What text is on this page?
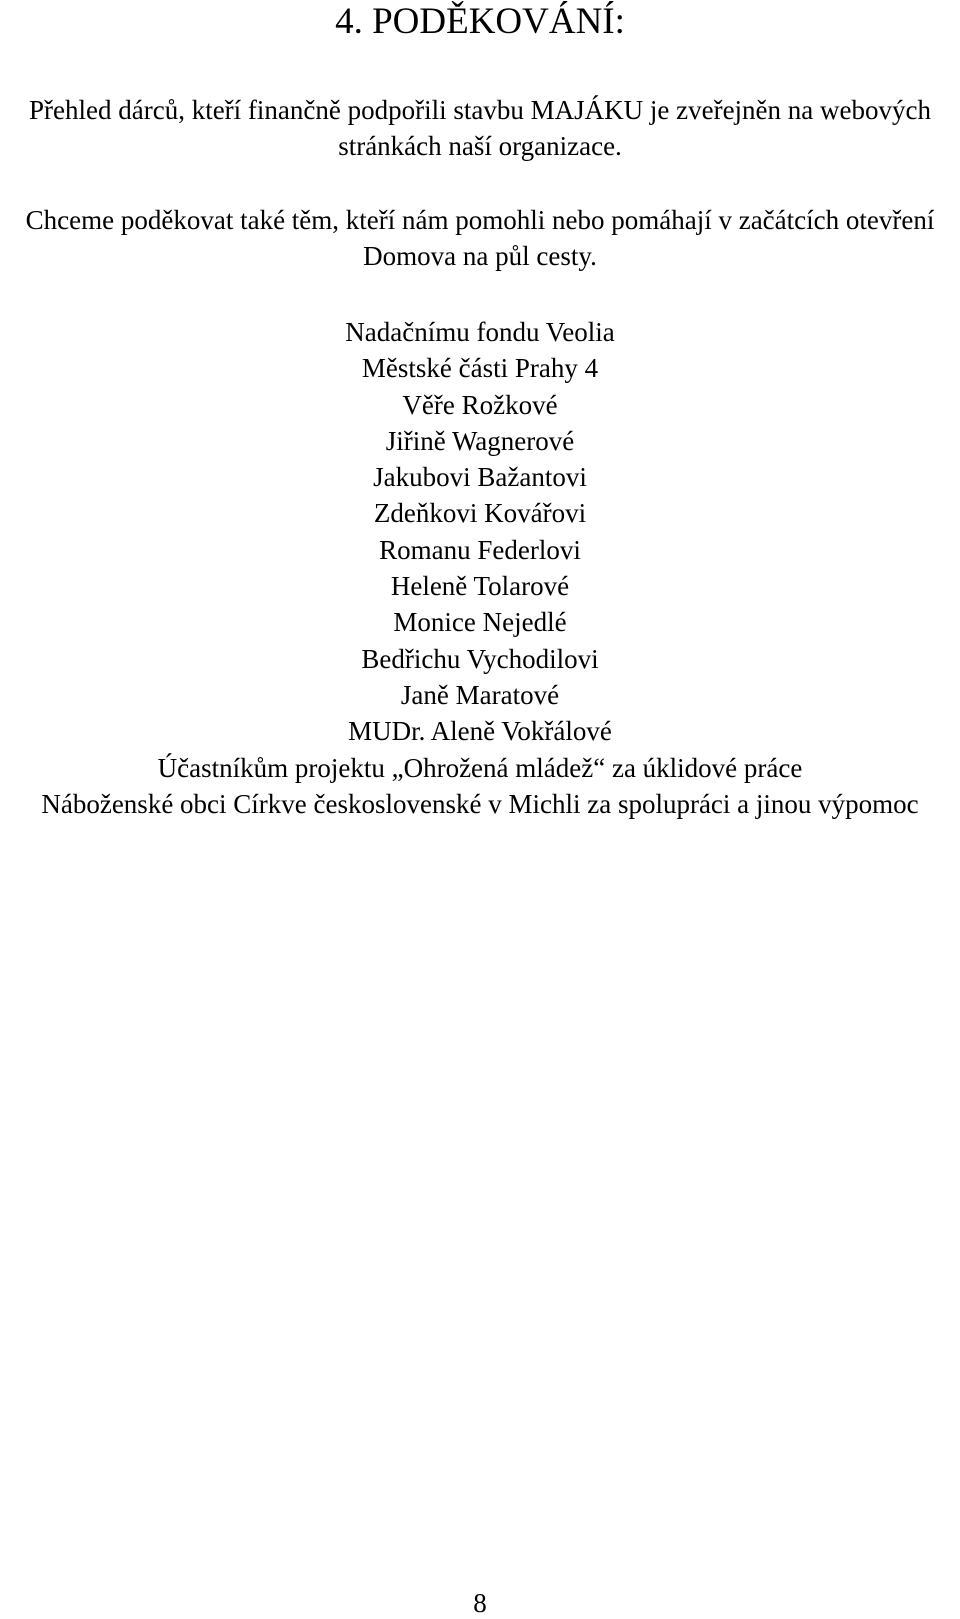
4. PODĚKOVÁNÍ:

Přehled dárců, kteří finančně podpořili stavbu MAJÁKU je zveřejněn na webových stránkách naší organizace.

Chceme poděkovat také těm, kteří nám pomohli nebo pomáhají v začátcích otevření Domova na půl cesty.

Nadačnímu fondu Veolia
Městské části Prahy 4
Věře Rožkové
Jiřině Wagnerové
Jakubovi Bažantovi
Zdeňkovi Kovářovi
Romanu Federlovi
Heleně Tolarové
Monice Nejedlé
Bedřichu Vychodilovi
Janě Maratové
MUDr. Aleně Vokřálové
Účastníkům projektu „Ohrožená mládež“ za úklidové práce
Náboženské obci Církve československé v Michli za spolupráci a jinou výpomoc
8
